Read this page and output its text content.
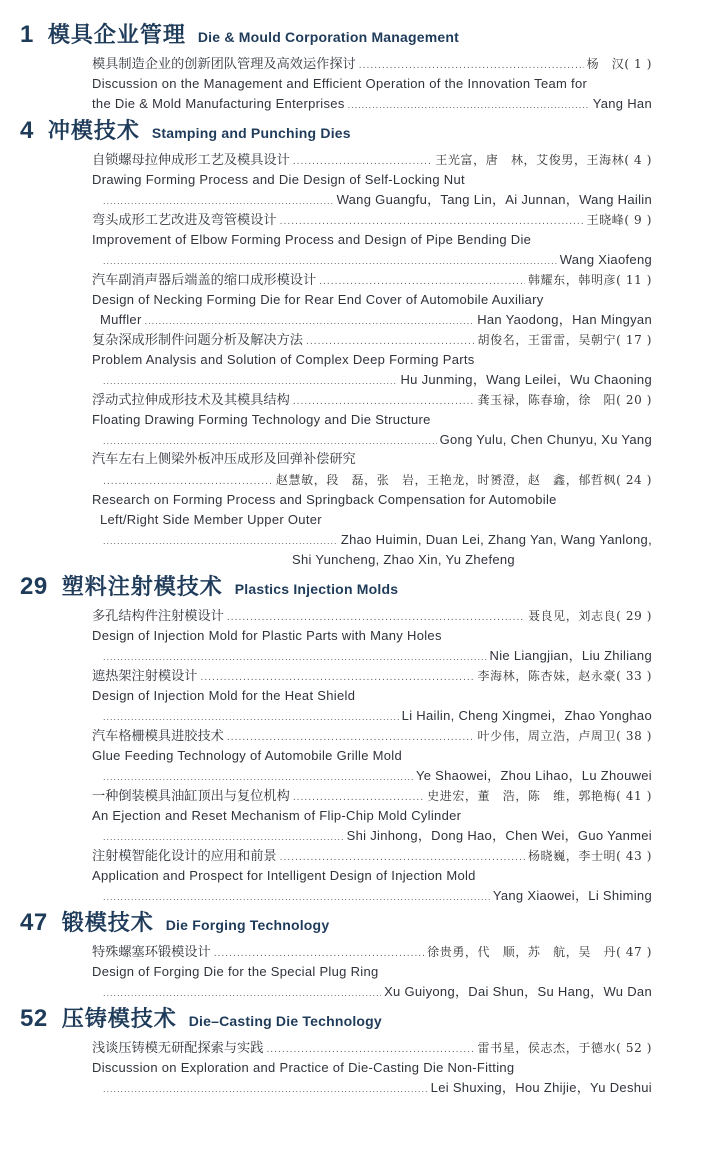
1 模具企业管理 Die & Mould Corporation Management
模具制造企业的创新团队管理及高效运作探讨 .....	杨　汉( 1 )
Discussion on the Management and Efficient Operation of the Innovation Team for
the Die & Mold Manufacturing Enterprises .....	Yang Han
4 冲模技术 Stamping and Punching Dies
自锁螺母拉伸成形工艺及模具设计 .....	王光富，唐　林，艾俊男，王海林( 4 )
Drawing Forming Process and Die Design of Self-Locking Nut
.....
Wang Guangfu，Tang Lin，Ai Junnan，Wang Hailin
弯头成形工艺改进及弯管模设计 .....	王晓峰( 9 )
Improvement of Elbow Forming Process and Design of Pipe Bending Die
.....
Wang Xiaofeng
汽车副消声器后端盖的缩口成形模设计 .....	韩耀东，韩明彦( 11 )
Design of Necking Forming Die for Rear End Cover of Automobile Auxiliary
Muffler .....	Han Yaodong，Han Mingyan
复杂深成形制件问题分析及解决方法 .....	胡俊名，王雷雷，吴朝宁( 17 )
Problem Analysis and Solution of Complex Deep Forming Parts
.....
Hu Junming，Wang Leilei，Wu Chaoning
浮动式拉伸成形技术及其模具结构 .....	龚玉禄，陈春瑜，徐　阳( 20 )
Floating Drawing Forming Technology and Die Structure
.....
Gong Yulu, Chen Chunyu, Xu Yang
汽车左右上侧梁外板冲压成形及回弹补偿研究
.....
赵慧敏，段　磊，张　岩，王艳龙，时赟澄，赵　鑫，郁哲枫( 24 )
Research on Forming Process and Springback Compensation for Automobile
Left/Right Side Member Upper Outer
.....
Zhao Huimin, Duan Lei, Zhang Yan, Wang Yanlong,
Shi Yuncheng, Zhao Xin, Yu Zhefeng
29 塑料注射模技术 Plastics Injection Molds
多孔结构件注射模设计 .....	聂良见，刘志良( 29 )
Design of Injection Mold for Plastic Parts with Many Holes
.....
Nie Liangjian，Liu Zhiliang
遮热架注射模设计 .....	李海林，陈杏妹，赵永豪( 33 )
Design of Injection Mold for the Heat Shield
.....
Li Hailin, Cheng Xingmei，Zhao Yonghao
汽车格栅模具进胶技术 .....	叶少伟，周立浩，卢周卫( 38 )
Glue Feeding Technology of Automobile Grille Mold
.....
Ye Shaowei，Zhou Lihao，Lu Zhouwei
一种倒装模具油缸顶出与复位机构 .....	史进宏，董　浩，陈　维，郭艳梅( 41 )
An Ejection and Reset Mechanism of Flip-Chip Mold Cylinder
.....
Shi Jinhong，Dong Hao，Chen Wei，Guo Yanmei
注射模智能化设计的应用和前景 .....	杨晓巍，李士明( 43 )
Application and Prospect for Intelligent Design of Injection Mold
.....
Yang Xiaowei，Li Shiming
47 锻模技术 Die Forging Technology
特殊螺塞环锻模设计 .....	徐贵勇，代　顺，苏　航，吴　丹( 47 )
Design of Forging Die for the Special Plug Ring
.....
Xu Guiyong，Dai Shun，Su Hang，Wu Dan
52 压铸模技术 Die–Casting Die Technology
浅谈压铸模无研配探索与实践 .....	雷书星，侯志杰，于德水( 52 )
Discussion on Exploration and Practice of Die-Casting Die Non-Fitting
.....
Lei Shuxing，Hou Zhijie，Yu Deshui
